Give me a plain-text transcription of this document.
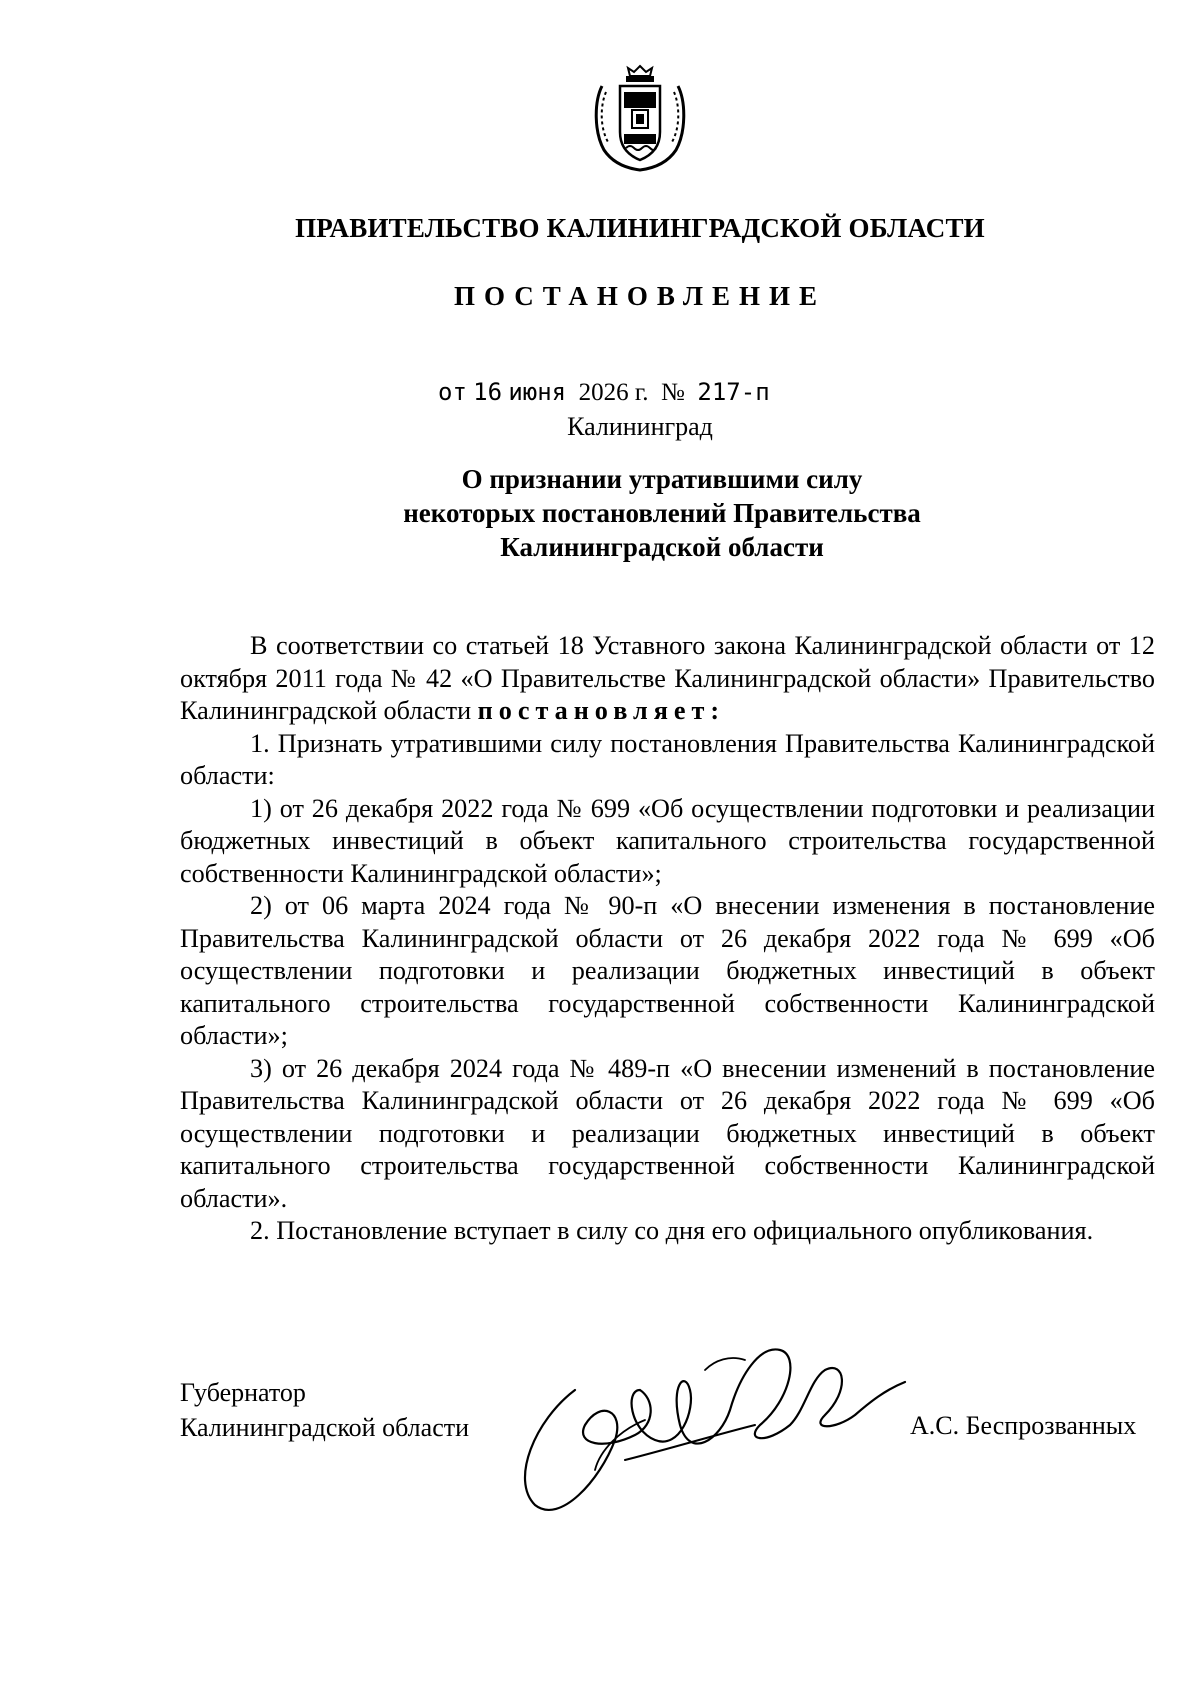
ПРАВИТЕЛЬСТВО КАЛИНИНГРАДСКОЙ ОБЛАСТИ
ПОСТАНОВЛЕНИЕ
от 16 июня 2026 г. № 217-п
Калининград
О признании утратившими силу
некоторых постановлений Правительства
Калининградской области

В соответствии со статьей 18 Уставного закона Калининградской области от 12 октября 2011 года № 42 «О Правительстве Калининградской области» Правительство Калининградской области постановляет:

1. Признать утратившими силу постановления Правительства Калининградской области:

1) от 26 декабря 2022 года № 699 «Об осуществлении подготовки и реализации бюджетных инвестиций в объект капитального строительства государственной собственности Калининградской области»;

2) от 06 марта 2024 года № 90-п «О внесении изменения в постановление Правительства Калининградской области от 26 декабря 2022 года № 699 «Об осуществлении подготовки и реализации бюджетных инвестиций в объект капитального строительства государственной собственности Калининградской области»;

3) от 26 декабря 2024 года № 489-п «О внесении изменений в постановление Правительства Калининградской области от 26 декабря 2022 года № 699 «Об осуществлении подготовки и реализации бюджетных инвестиций в объект капитального строительства государственной собственности Калининградской области».

2. Постановление вступает в силу со дня его официального опубликования.

Губернатор
Калининградской области	А.С. Беспрозванных
